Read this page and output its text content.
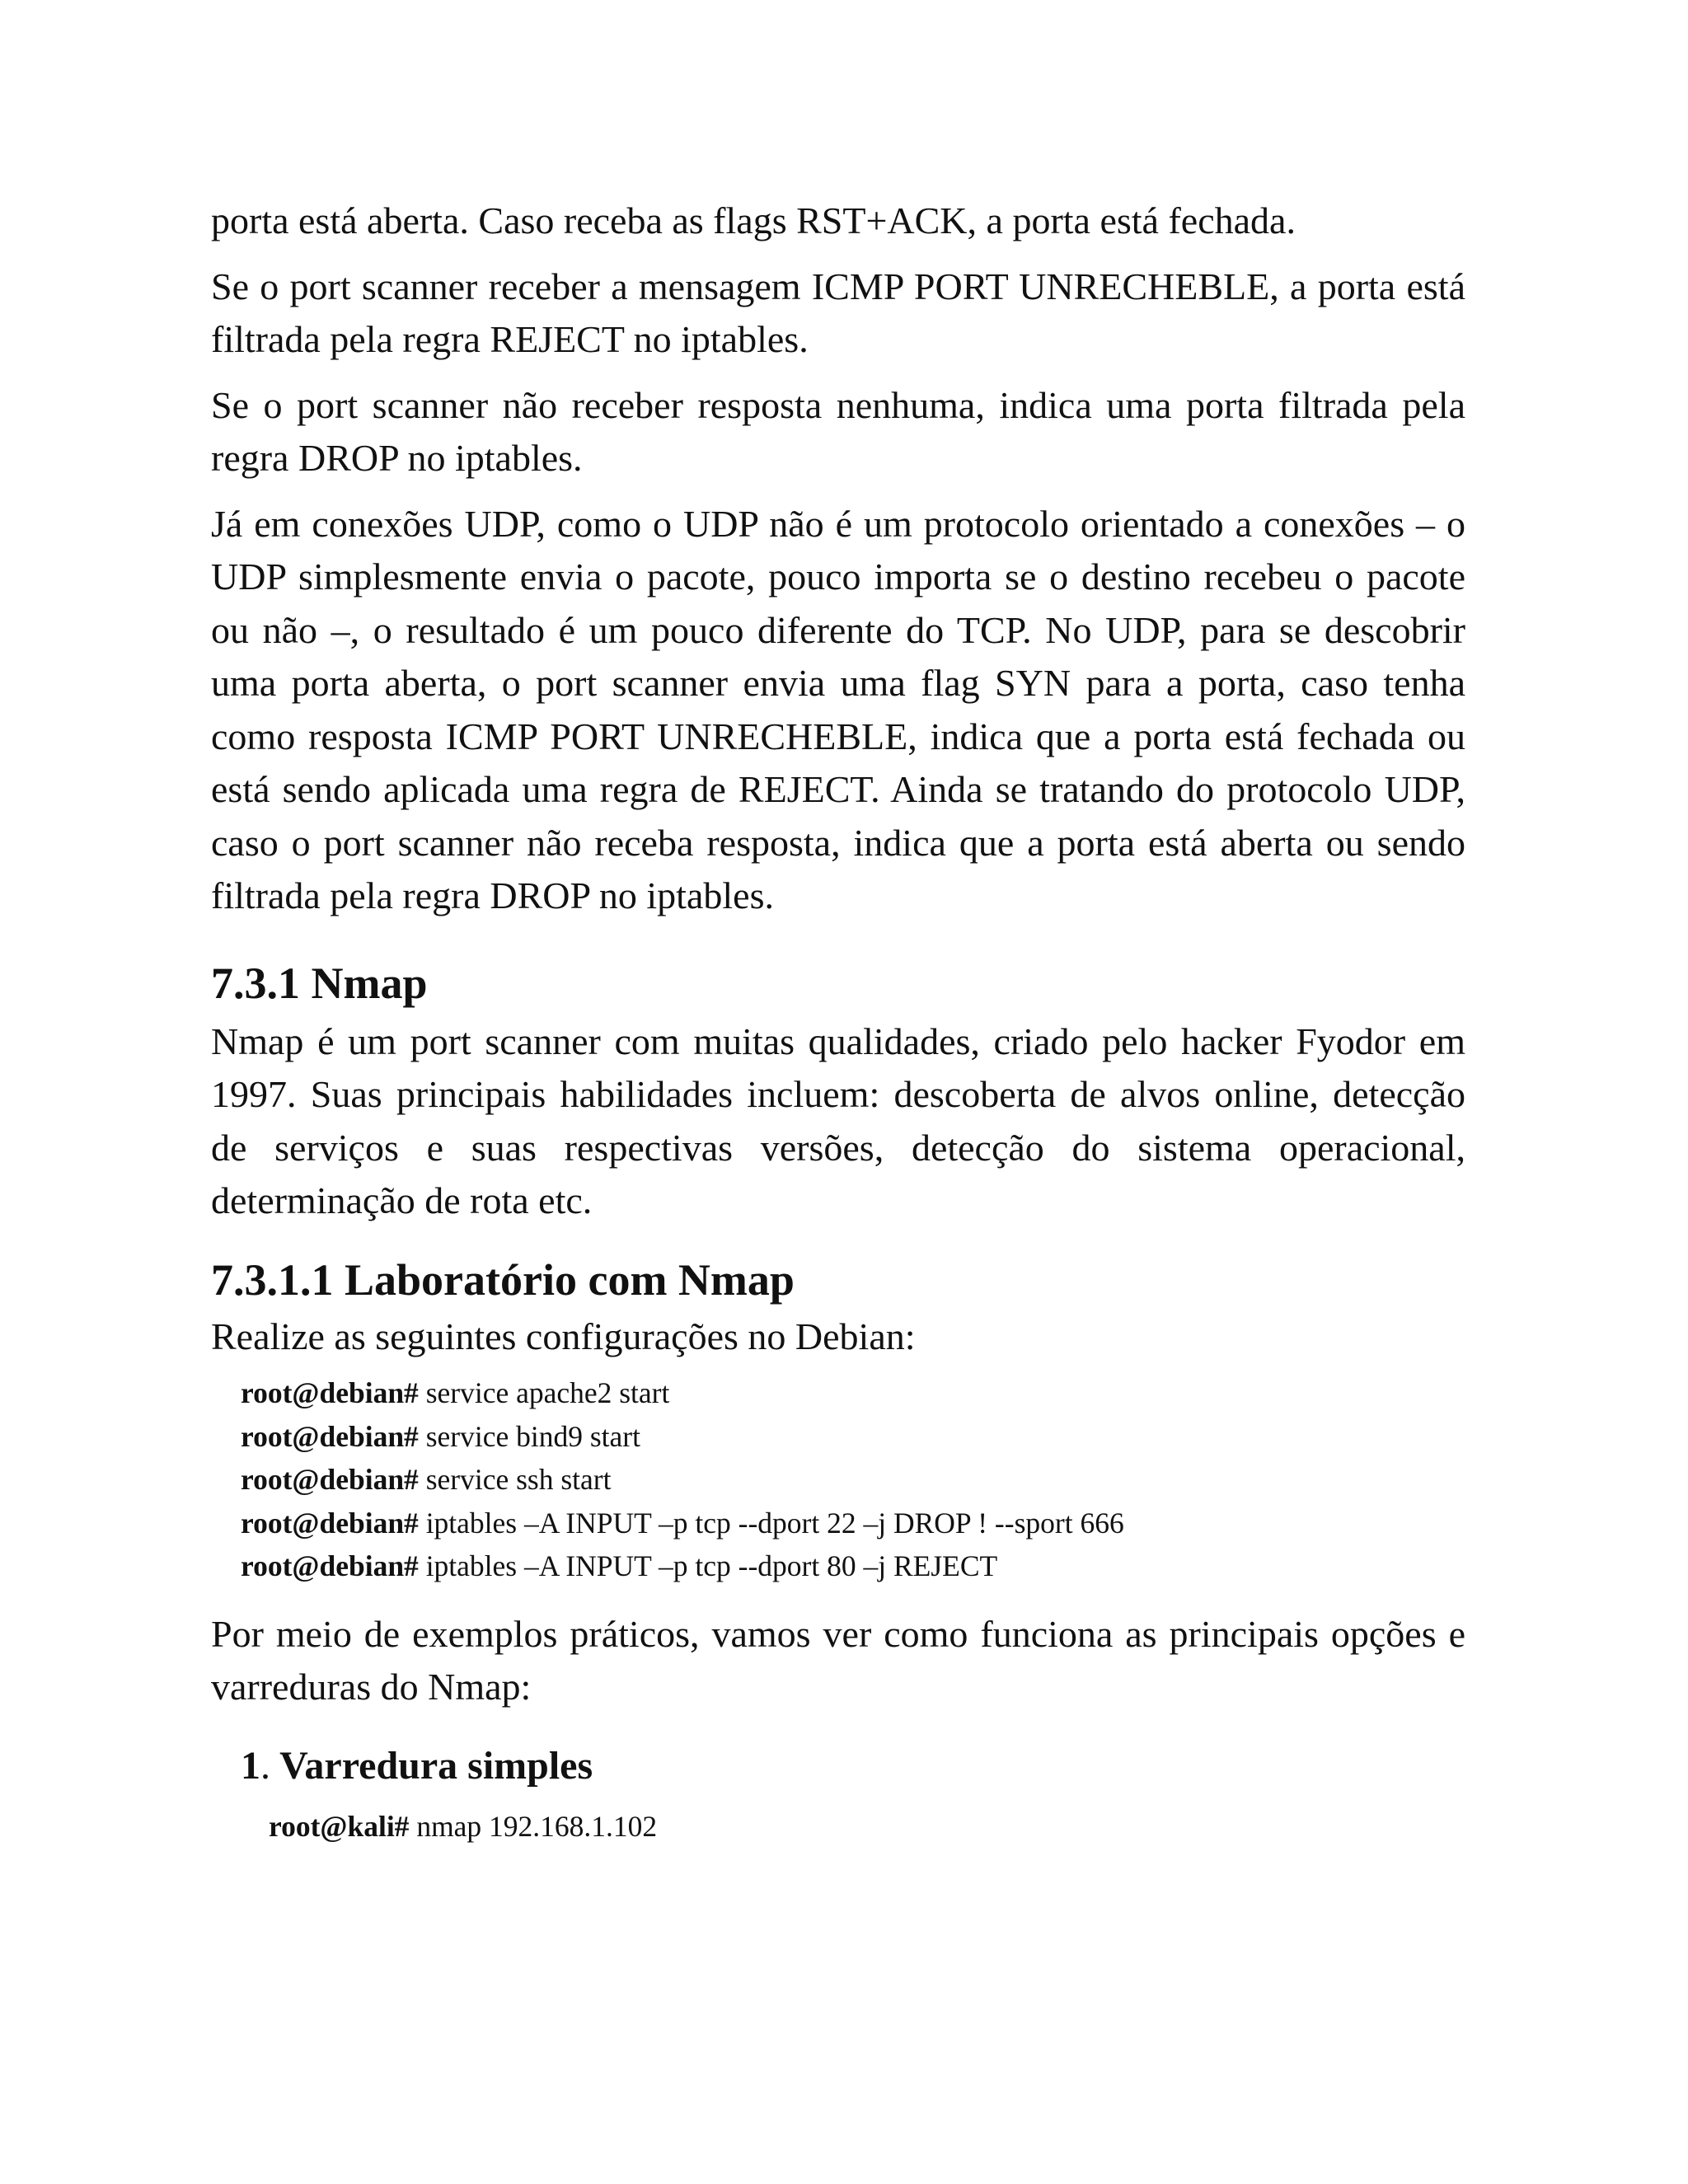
porta está aberta. Caso receba as flags RST+ACK, a porta está fechada.

Se o port scanner receber a mensagem ICMP PORT UNRECHEBLE, a porta está filtrada pela regra REJECT no iptables.

Se o port scanner não receber resposta nenhuma, indica uma porta filtrada pela regra DROP no iptables.

Já em conexões UDP, como o UDP não é um protocolo orientado a conexões – o UDP simplesmente envia o pacote, pouco importa se o destino recebeu o pacote ou não –, o resultado é um pouco diferente do TCP. No UDP, para se descobrir uma porta aberta, o port scanner envia uma flag SYN para a porta, caso tenha como resposta ICMP PORT UNRECHEBLE, indica que a porta está fechada ou está sendo aplicada uma regra de REJECT. Ainda se tratando do protocolo UDP, caso o port scanner não receba resposta, indica que a porta está aberta ou sendo filtrada pela regra DROP no iptables.

7.3.1 Nmap

Nmap é um port scanner com muitas qualidades, criado pelo hacker Fyodor em 1997. Suas principais habilidades incluem: descoberta de alvos online, detecção de serviços e suas respectivas versões, detecção do sistema operacional, determinação de rota etc.

7.3.1.1 Laboratório com Nmap

Realize as seguintes configurações no Debian:

root@debian# service apache2 start
root@debian# service bind9 start
root@debian# service ssh start
root@debian# iptables –A INPUT –p tcp --dport 22 –j DROP ! --sport 666
root@debian# iptables –A INPUT –p tcp --dport 80 –j REJECT

Por meio de exemplos práticos, vamos ver como funciona as principais opções e varreduras do Nmap:

1. Varredura simples
root@kali# nmap 192.168.1.102
